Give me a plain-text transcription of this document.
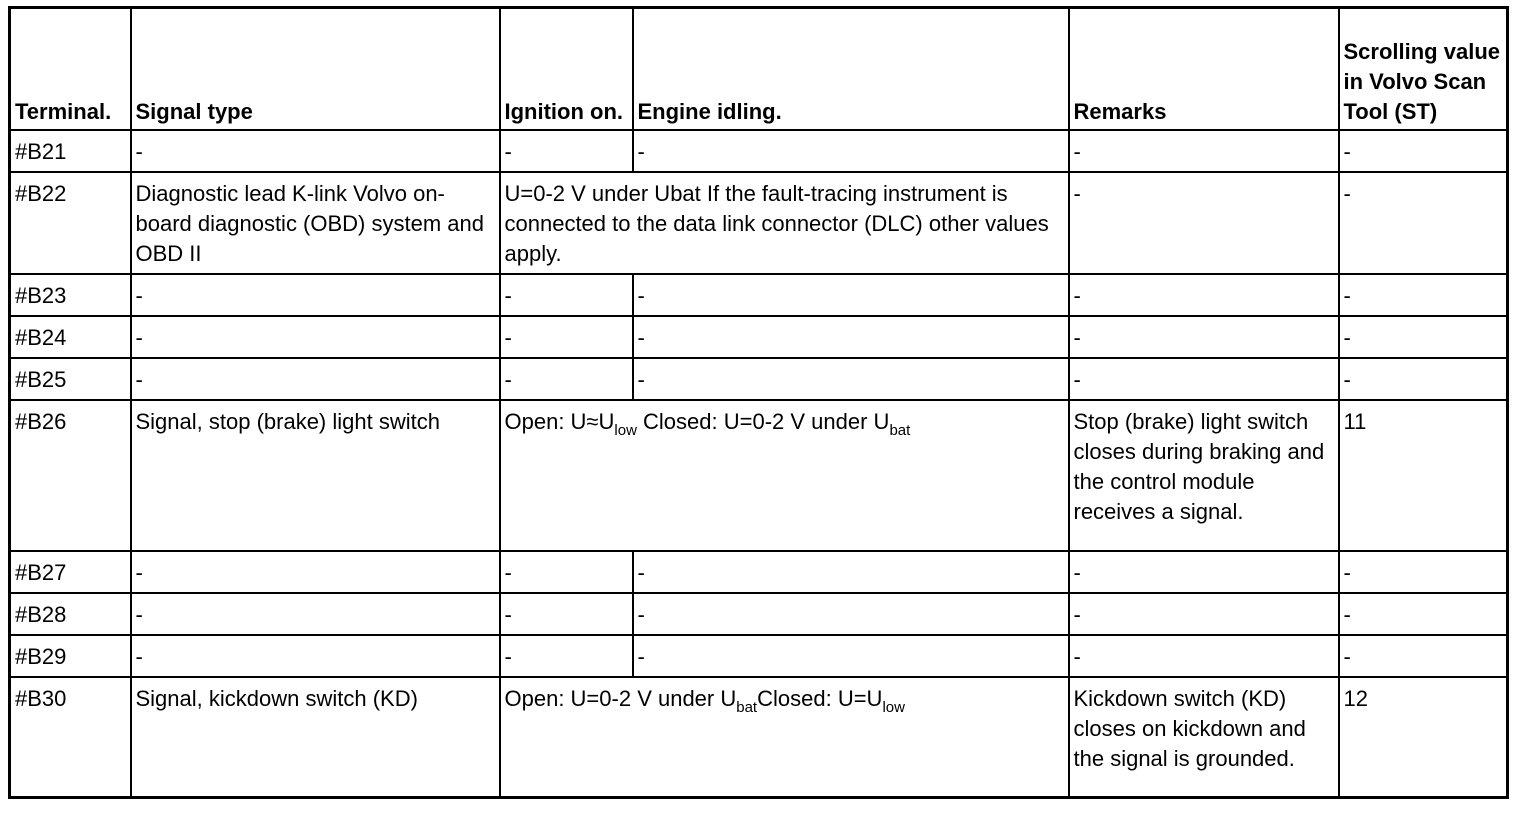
Terminal.	Signal type	Ignition on.	Engine idling.	Remarks	Scrolling value in Volvo Scan Tool (ST)
#B21	-	-	-	-	-
#B22	Diagnostic lead K-link Volvo on-board diagnostic (OBD) system and OBD II	U=0-2 V under Ubat If the fault-tracing instrument is connected to the data link connector (DLC) other values apply.		-	-
#B23	-	-	-	-	-
#B24	-	-	-	-	-
#B25	-	-	-	-	-
#B26	Signal, stop (brake) light switch	Open: $U\approx U_{low}$ Closed: U=0-2 V under $U_{bat}$		Stop (brake) light switch closes during braking and the control module receives a signal.	11
#B27	-	-	-	-	-
#B28	-	-	-	-	-
#B29	-	-	-	-	-
#B30	Signal, kickdown switch (KD)	Open: U=0-2 V under $U_{bat}Closed$: $U=U_{low}$		Kickdown switch (KD) closes on kickdown and the signal is grounded.	12
